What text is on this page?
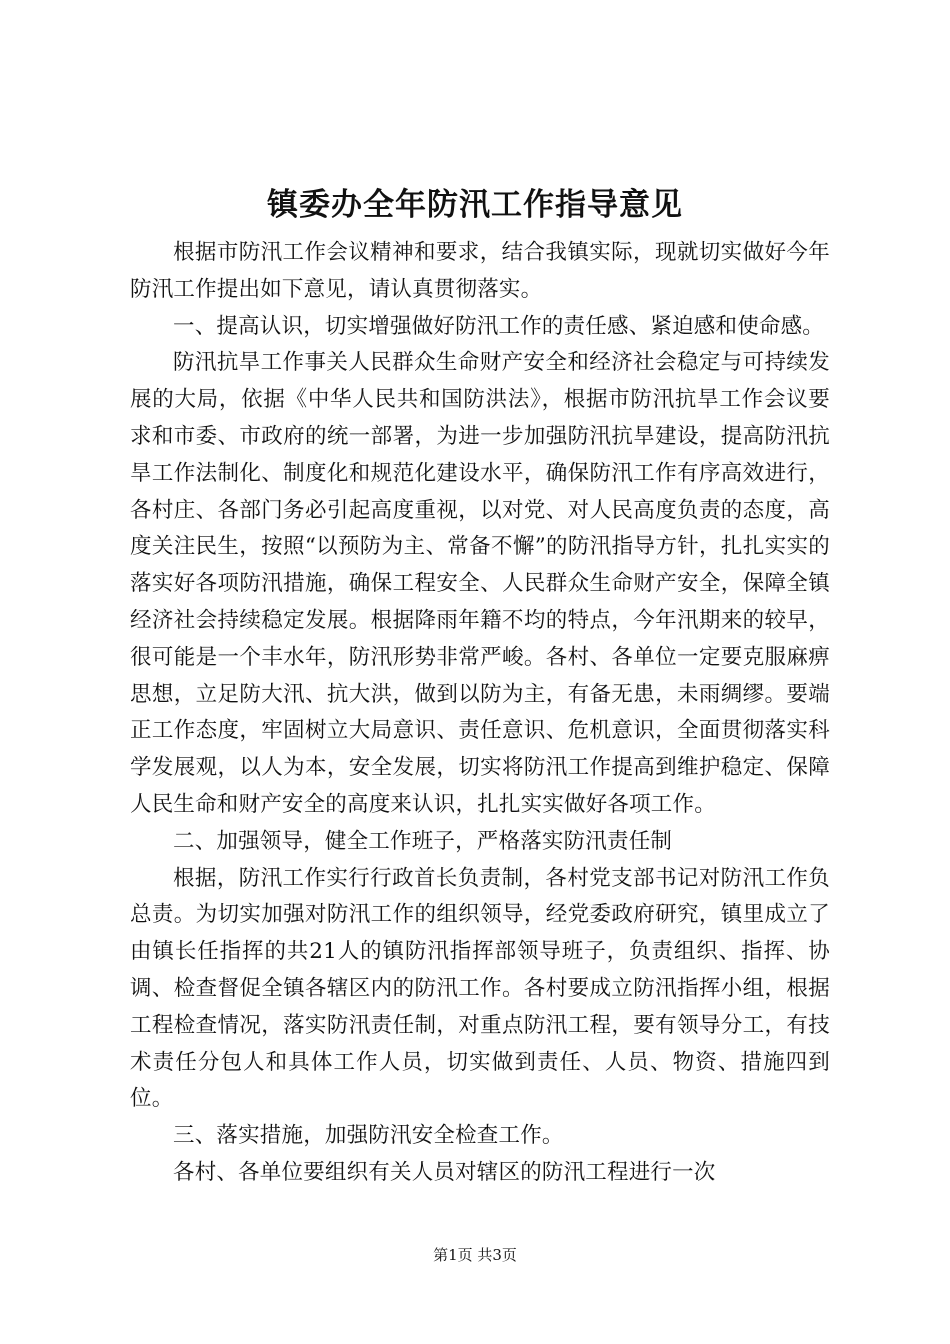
镇委办全年防汛工作指导意见

根据市防汛工作会议精神和要求，结合我镇实际，现就切实做好今年防汛工作提出如下意见，请认真贯彻落实。

一、提高认识，切实增强做好防汛工作的责任感、紧迫感和使命感。

防汛抗旱工作事关人民群众生命财产安全和经济社会稳定与可持续发展的大局，依据《中华人民共和国防洪法》，根据市防汛抗旱工作会议要求和市委、市政府的统一部署，为进一步加强防汛抗旱建设，提高防汛抗旱工作法制化、制度化和规范化建设水平，确保防汛工作有序高效进行，各村庄、各部门务必引起高度重视，以对党、对人民高度负责的态度，高度关注民生，按照“以预防为主、常备不懈”的防汛指导方针，扎扎实实的落实好各项防汛措施，确保工程安全、人民群众生命财产安全，保障全镇经济社会持续稳定发展。根据降雨年籍不均的特点，今年汛期来的较早，很可能是一个丰水年，防汛形势非常严峻。各村、各单位一定要克服麻痹思想，立足防大汛、抗大洪，做到以防为主，有备无患，未雨绸缪。要端正工作态度，牢固树立大局意识、责任意识、危机意识，全面贯彻落实科学发展观，以人为本，安全发展，切实将防汛工作提高到维护稳定、保障人民生命和财产安全的高度来认识，扎扎实实做好各项工作。

二、加强领导，健全工作班子，严格落实防汛责任制

根据，防汛工作实行行政首长负责制，各村党支部书记对防汛工作负总责。为切实加强对防汛工作的组织领导，经党委政府研究，镇里成立了由镇长任指挥的共21人的镇防汛指挥部领导班子，负责组织、指挥、协调、检查督促全镇各辖区内的防汛工作。各村要成立防汛指挥小组，根据工程检查情况，落实防汛责任制，对重点防汛工程，要有领导分工，有技术责任分包人和具体工作人员，切实做到责任、人员、物资、措施四到位。

三、落实措施，加强防汛安全检查工作。

各村、各单位要组织有关人员对辖区的防汛工程进行一次

第1页 共3页
